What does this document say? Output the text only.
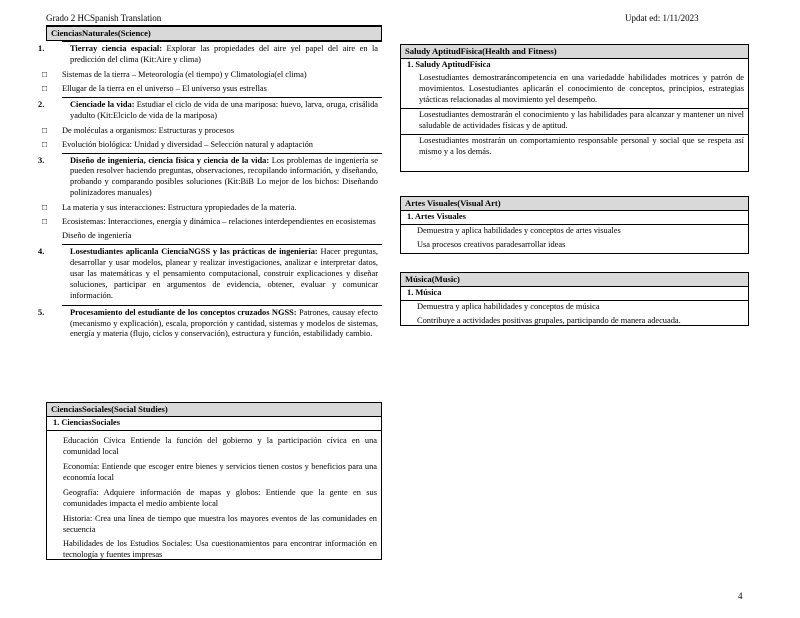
Grado 2 HCSpanish Translation	Updat ed: 1/11/2023
CienciasNaturales(Science)
1.	Tierray ciencia espacial: Explorar las propiedades del aire yel papel del aire en la predicción del clima (Kit:Aire y clima)
□ Sistemas de la tierra – Meteorología (el tiempo) y Climatología(el clima)
□ Ellugar de la tierra en el universo – El universo ysus estrellas
2.	Cienciade la vida: Estudiar el ciclo de vida de una mariposa: huevo, larva, oruga, crisálida yadulto (Kit:Elciclo de vida de la mariposa)
□ De moléculas a organismos: Estructuras y procesos
□ Evolución biológica: Unidad y diversidad – Selección natural y adaptación
3.	Diseño de ingeniería, ciencia física y ciencia de la vida: Los problemas de ingeniería se pueden resolver haciendo preguntas, observaciones, recopilando información, y diseñando, probando y comparando posibles soluciones (Kit:BiB Lo mejor de los bichos: Diseñando polinizadores manuales)
□ La materia y sus interacciones: Estructura ypropiedades de la materia.
□ Ecosistemas: Interacciones, energía y dinámica – relaciones interdependientes en ecosistemas
Diseño de ingeniería
4.	Losestudiantes aplicanla CienciaNGSS y las prácticas de ingeniería: Hacer preguntas, desarrollar y usar modelos, planear y realizar investigaciones, analizar e interpretar datos, usar las matemáticas y el pensamiento computacional, construir explicaciones y diseñar soluciones, participar en argumentos de evidencia, obtener, evaluar y comunicar información.
5.	Procesamiento del estudiante de los conceptos cruzados NGSS: Patrones, causay efecto (mecanismo y explicación), escala, proporción y cantidad, sistemas y modelos de sistemas, energía y materia (flujo, ciclos y conservación), estructura y función, estabilidady cambio.
CienciasSociales(Social Studies)
1. CienciasSociales
Educación Cívica Entiende la función del gobierno y la participación cívica en una comunidad local
Economía: Entiende que escoger entre bienes y servicios tienen costos y beneficios para una economía local
Geografía: Adquiere información de mapas y globos: Entiende que la gente en sus comunidades impacta el medio ambiente local
Historia: Crea una línea de tiempo que muestra los mayores eventos de las comunidades en secuencia
Habilidades de los Estudios Sociales: Usa cuestionamientos para encontrar información en tecnología y fuentes impresas
Saludy AptitudFísica(Health and Fitness)
1. Saludy AptitudFísica
Losestudiantes demostraráncompetencia en una variedadde habilidades motrices y patrón de movimientos. Losestudiantes aplicarán el conocimiento de conceptos, principios, estrategias ytácticas relacionadas al movimiento yel desempeño.
Losestudiantes demostrarán el conocimiento y las habilidades para alcanzar y mantener un nivel saludable de actividades físicas y de aptitud.
Losestudiantes mostrarán un comportamiento responsable personal y social que se respeta así mismo y a los demás.
Artes Visuales(Visual Art)
1. Artes Visuales
Demuestra y aplica habilidades y conceptos de artes visuales
Usa procesos creativos paradesarrollar ideas
Música(Music)
1. Música
Demuestra y aplica habilidades y conceptos de música
Contribuye a actividades positivas grupales, participando de manera adecuada.
4
